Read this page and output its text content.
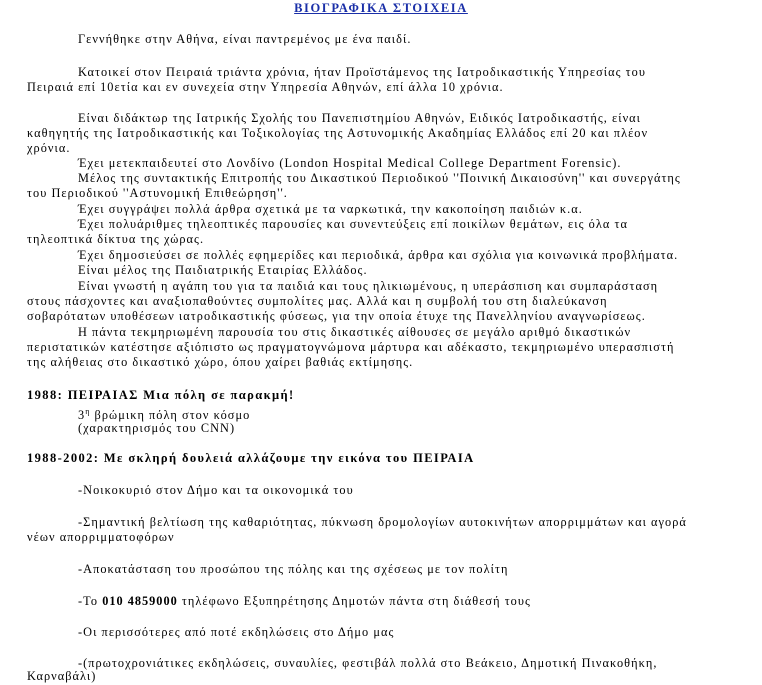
ΒΙΟΓΡΑΦΙΚΑ ΣΤΟΙΧΕΙΑ
Γεννήθηκε στην Αθήνα, είναι παντρεμένος με ένα παιδί.
Κατοικεί στον Πειραιά τριάντα χρόνια, ήταν Προϊστάμενος της Ιατροδικαστικής Υπηρεσίας του
Πειραιά επί 10ετία και εν συνεχεία στην Υπηρεσία Αθηνών, επί άλλα 10 χρόνια.
Είναι διδάκτωρ της Ιατρικής Σχολής του Πανεπιστημίου Αθηνών, Ειδικός Ιατροδικαστής, είναι
καθηγητής της Ιατροδικαστικής και Τοξικολογίας της Αστυνομικής Ακαδημίας Ελλάδος επί 20 και πλέον
χρόνια.
Έχει μετεκπαιδευτεί στο Λονδίνο (London Hospital Medical College Department Forensic).
Μέλος της συντακτικής Επιτροπής του Δικαστικού Περιοδικού ''Ποινική Δικαιοσύνη'' και συνεργάτης
του Περιοδικού ''Αστυνομική Επιθεώρηση''.
Έχει συγγράψει πολλά άρθρα σχετικά με τα ναρκωτικά, την κακοποίηση παιδιών κ.α.
Έχει πολυάριθμες τηλεοπτικές παρουσίες και συνεντεύξεις επί ποικίλων θεμάτων, εις όλα τα
τηλεοπτικά δίκτυα της χώρας.
Έχει δημοσιεύσει σε πολλές εφημερίδες και περιοδικά, άρθρα και σχόλια για κοινωνικά προβλήματα.
Είναι μέλος της Παιδιατρικής Εταιρίας Ελλάδος.
Είναι γνωστή η αγάπη του για τα παιδιά και τους ηλικιωμένους, η υπεράσπιση και συμπαράσταση
στους πάσχοντες και αναξιοπαθούντες συμπολίτες μας. Αλλά και η συμβολή του στη διαλεύκανση
σοβαρότατων υποθέσεων ιατροδικαστικής φύσεως, για την οποία έτυχε της Πανελληνίου αναγνωρίσεως.
Η πάντα τεκμηριωμένη παρουσία του στις δικαστικές αίθουσες σε μεγάλο αριθμό δικαστικών
περιστατικών κατέστησε αξιόπιστο ως πραγματογνώμονα μάρτυρα και αδέκαστο, τεκμηριωμένο υπερασπιστή
της αλήθειας στο δικαστικό χώρο, όπου χαίρει βαθιάς εκτίμησης.
1988: ΠΕΙΡΑΙΑΣ Μια πόλη σε παρακμή!
$3^\eta$ βρώμικη πόλη στον κόσμο
(χαρακτηρισμός του CNN)
1988-2002: Με σκληρή δουλειά αλλάζουμε την εικόνα του ΠΕΙΡΑΙΑ
-Νοικοκυριό στον Δήμο και τα οικονομικά του
-Σημαντική βελτίωση της καθαριότητας, πύκνωση δρομολογίων αυτοκινήτων απορριμμάτων και αγορά
νέων απορριμματοφόρων
-Αποκατάσταση του προσώπου της πόλης και της σχέσεως με τον πολίτη
-Το 010 4859000 τηλέφωνο Εξυπηρέτησης Δημοτών πάντα στη διάθεσή τους
-Οι περισσότερες από ποτέ εκδηλώσεις στο Δήμο μας
-(πρωτοχρονιάτικες εκδηλώσεις, συναυλίες, φεστιβάλ πολλά στο Βεάκειο, Δημοτική Πινακοθήκη,
Καρναβάλι)
